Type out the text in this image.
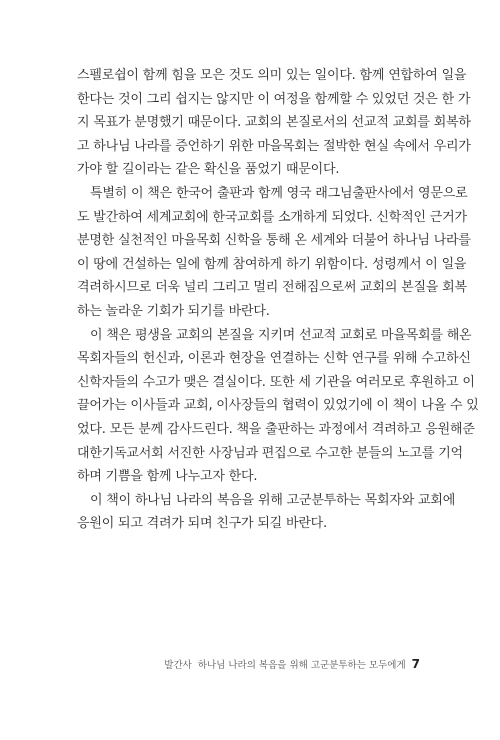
스펠로쉽이 함께 힘을 모은 것도 의미 있는 일이다. 함께 연합하여 일을
한다는 것이 그리 쉽지는 않지만 이 여정을 함께할 수 있었던 것은 한 가
지 목표가 분명했기 때문이다. 교회의 본질로서의 선교적 교회를 회복하
고 하나님 나라를 증언하기 위한 마을목회는 절박한 현실 속에서 우리가
가야 할 길이라는 같은 확신을 품었기 때문이다.
특별히 이 책은 한국어 출판과 함께 영국 래그님출판사에서 영문으로
도 발간하여 세계교회에 한국교회를 소개하게 되었다. 신학적인 근거가
분명한 실천적인 마을목회 신학을 통해 온 세계와 더불어 하나님 나라를
이 땅에 건설하는 일에 함께 참여하게 하기 위함이다. 성령께서 이 일을
격려하시므로 더욱 널리 그리고 멀리 전해짐으로써 교회의 본질을 회복
하는 놀라운 기회가 되기를 바란다.
이 책은 평생을 교회의 본질을 지키며 선교적 교회로 마을목회를 해온
목회자들의 헌신과, 이론과 현장을 연결하는 신학 연구를 위해 수고하신
신학자들의 수고가 맺은 결실이다. 또한 세 기관을 여러모로 후원하고 이
끌어가는 이사들과 교회, 이사장들의 협력이 있었기에 이 책이 나올 수 있
었다. 모든 분께 감사드린다. 책을 출판하는 과정에서 격려하고 응원해준
대한기독교서회 서진한 사장님과 편집으로 수고한 분들의 노고를 기억
하며 기쁨을 함께 나누고자 한다.
이 책이 하나님 나라의 복음을 위해 고군분투하는 목회자와 교회에
응원이 되고 격려가 되며 친구가 되길 바란다.
발간사 하나님 나라의 복음을 위해 고군분투하는 모두에게 7
